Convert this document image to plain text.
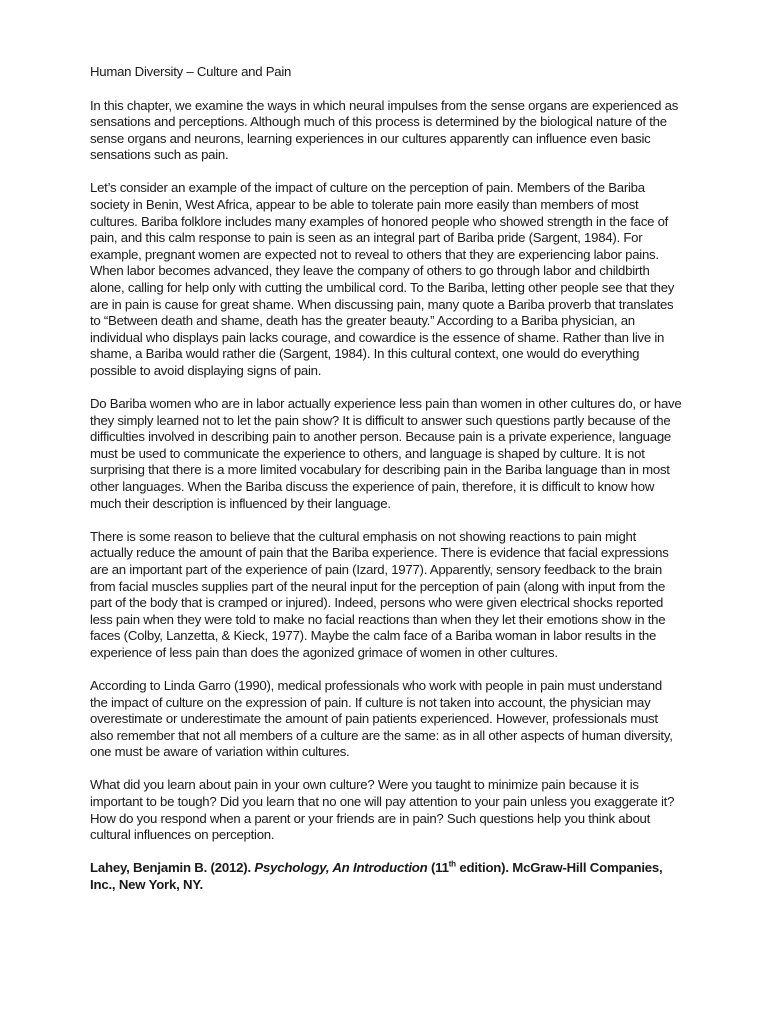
Human Diversity – Culture and Pain

In this chapter, we examine the ways in which neural impulses from the sense organs are experienced as sensations and perceptions. Although much of this process is determined by the biological nature of the sense organs and neurons, learning experiences in our cultures apparently can influence even basic sensations such as pain.

Let’s consider an example of the impact of culture on the perception of pain. Members of the Bariba society in Benin, West Africa, appear to be able to tolerate pain more easily than members of most cultures. Bariba folklore includes many examples of honored people who showed strength in the face of pain, and this calm response to pain is seen as an integral part of Bariba pride (Sargent, 1984). For example, pregnant women are expected not to reveal to others that they are experiencing labor pains. When labor becomes advanced, they leave the company of others to go through labor and childbirth alone, calling for help only with cutting the umbilical cord. To the Bariba, letting other people see that they are in pain is cause for great shame. When discussing pain, many quote a Bariba proverb that translates to “Between death and shame, death has the greater beauty.” According to a Bariba physician, an individual who displays pain lacks courage, and cowardice is the essence of shame. Rather than live in shame, a Bariba would rather die (Sargent, 1984). In this cultural context, one would do everything possible to avoid displaying signs of pain.

Do Bariba women who are in labor actually experience less pain than women in other cultures do, or have they simply learned not to let the pain show? It is difficult to answer such questions partly because of the difficulties involved in describing pain to another person. Because pain is a private experience, language must be used to communicate the experience to others, and language is shaped by culture. It is not surprising that there is a more limited vocabulary for describing pain in the Bariba language than in most other languages. When the Bariba discuss the experience of pain, therefore, it is difficult to know how much their description is influenced by their language.

There is some reason to believe that the cultural emphasis on not showing reactions to pain might actually reduce the amount of pain that the Bariba experience. There is evidence that facial expressions are an important part of the experience of pain (Izard, 1977). Apparently, sensory feedback to the brain from facial muscles supplies part of the neural input for the perception of pain (along with input from the part of the body that is cramped or injured). Indeed, persons who were given electrical shocks reported less pain when they were told to make no facial reactions than when they let their emotions show in the faces (Colby, Lanzetta, & Kieck, 1977). Maybe the calm face of a Bariba woman in labor results in the experience of less pain than does the agonized grimace of women in other cultures.

According to Linda Garro (1990), medical professionals who work with people in pain must understand the impact of culture on the expression of pain. If culture is not taken into account, the physician may overestimate or underestimate the amount of pain patients experienced. However, professionals must also remember that not all members of a culture are the same: as in all other aspects of human diversity, one must be aware of variation within cultures.

What did you learn about pain in your own culture? Were you taught to minimize pain because it is important to be tough? Did you learn that no one will pay attention to your pain unless you exaggerate it? How do you respond when a parent or your friends are in pain? Such questions help you think about cultural influences on perception.

Lahey, Benjamin B. (2012). Psychology, An Introduction (11th edition). McGraw-Hill Companies, Inc., New York, NY.
